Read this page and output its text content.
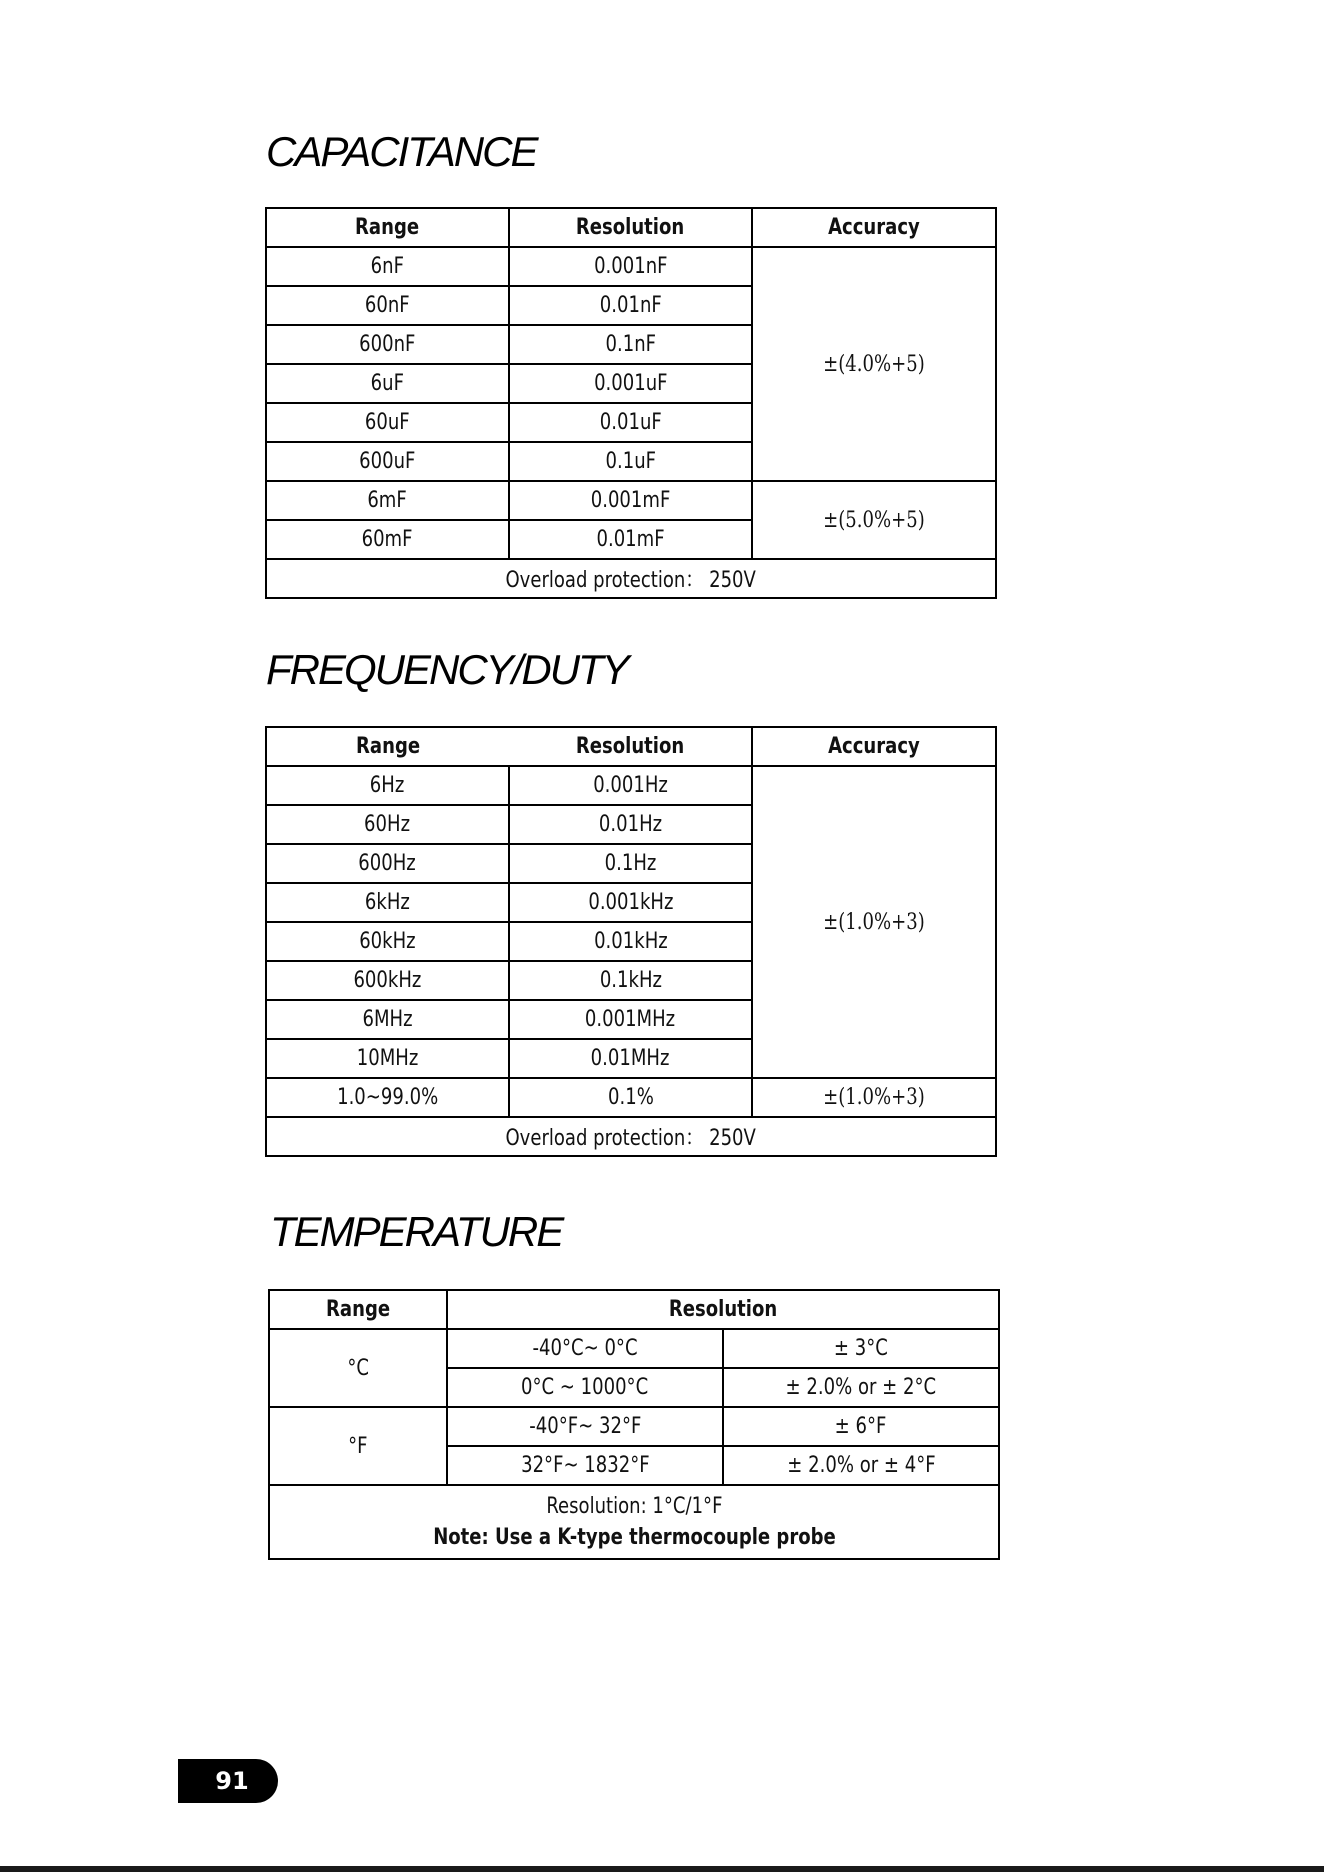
CAPACITANCE
Range	Resolution	Accuracy
6nF	0.001nF	±(4.0%+5)
60nF	0.01nF	
600nF	0.1nF	
6uF	0.001uF	
60uF	0.01uF	
600uF	0.1uF	
6mF	0.001mF	±(5.0%+5)
60mF	0.01mF	
Overload protection： 250V		
FREQUENCY/DUTY
Range	Resolution	Accuracy
6Hz	0.001Hz	±(1.0%+3)
60Hz	0.01Hz	
600Hz	0.1Hz	
6kHz	0.001kHz	
60kHz	0.01kHz	
600kHz	0.1kHz	
6MHz	0.001MHz	
10MHz	0.01MHz	
1.0~99.0%	0.1%	±(1.0%+3)
Overload protection： 250V		
TEMPERATURE
Range	Resolution	
°C	-40°C~ 0°C	± 3°C
	0°C ~ 1000°C	± 2.0% or ± 2°C
°F	-40°F~ 32°F	± 6°F
	32°F~ 1832°F	± 2.0% or ± 4°F

Resolution: 1°C/1°F
Note: Use a K-type thermocouple probe		
91
